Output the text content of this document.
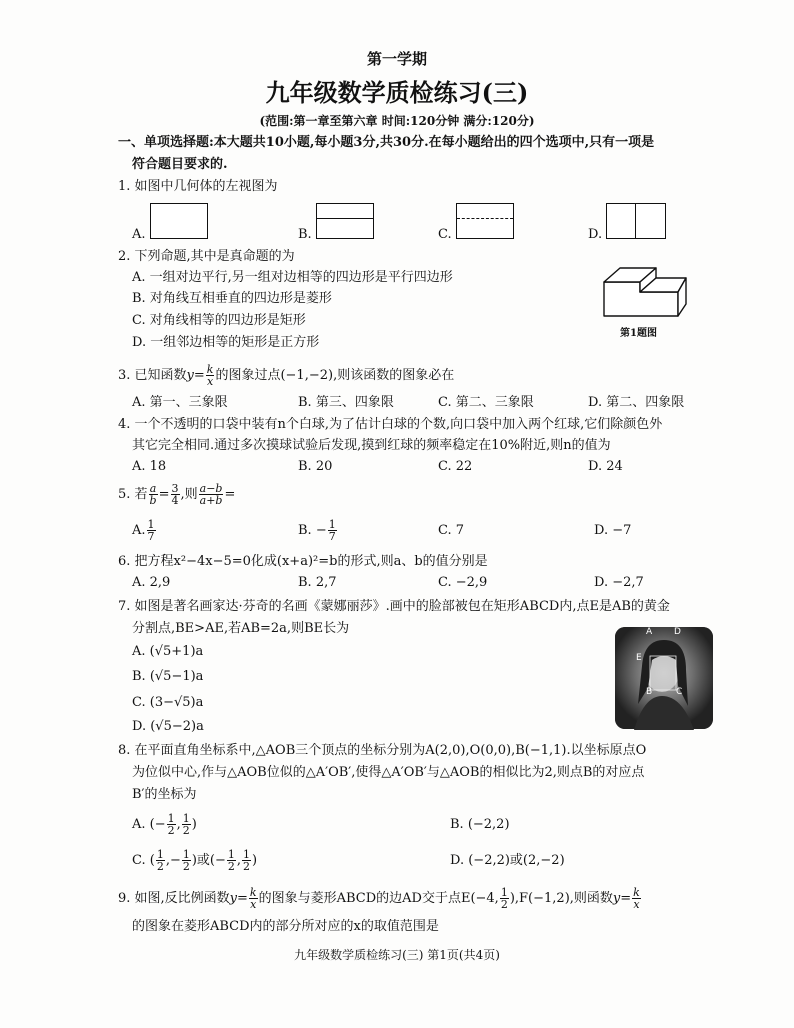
第一学期
九年级数学质检练习(三)
(范围:第一章至第六章 时间:120分钟 满分:120分)
一、单项选择题:本大题共10小题,每小题3分,共30分.在每小题给出的四个选项中,只有一项是
符合题目要求的.
1. 如图中几何体的左视图为
A.	B.	C.	D.
第1题图
2. 下列命题,其中是真命题的为
A. 一组对边平行,另一组对边相等的四边形是平行四边形
B. 对角线互相垂直的四边形是菱形
C. 对角线相等的四边形是矩形
D. 一组邻边相等的矩形是正方形
3. 已知函数$y= \frac{k}{x}$ 的图象过点(−1,−2),则该函数的图象必在
A. 第一、三象限	B. 第三、四象限	C. 第二、三象限	D. 第二、四象限
4. 一个不透明的口袋中装有n个白球,为了估计白球的个数,向口袋中加入两个红球,它们除颜色外
其它完全相同.通过多次摸球试验后发现,摸到红球的频率稳定在10%附近,则n的值为
A. 18	B. 20	C. 22	D. 24
5. 若 $\frac{a}{b} = \frac{3}{4}$ ,则 $\frac{a-b}{a+b}$ =
A. $\frac{1}{7}$	B. − $\frac{1}{7}$	C. 7	D. −7
6. 把方程x²−4x−5=0化成(x+a)²=b的形式,则a、b的值分别是
A. 2,9	B. 2,7	C. −2,9	D. −2,7
7. 如图是著名画家达·芬奇的名画《蒙娜丽莎》.画中的脸部被包在矩形ABCD内,点E是AB的黄金
分割点,BE>AE,若AB=2a,则BE长为
A. (√5+1)a
B. (√5−1)a
C. (3−√5)a
D. (√5−2)a
A D
E
B	C
8. 在平面直角坐标系中,△AOB三个顶点的坐标分别为A(2,0),O(0,0),B(−1,1).以坐标原点O
为位似中心,作与△AOB位似的△A′OB′,使得△A′OB′与△AOB的相似比为2,则点B的对应点
B′的坐标为
A. (− $\frac{1}{2}$ , $\frac{1}{2}$ )	B. (−2,2)
C. ( $\frac{1}{2}$ ,− $\frac{1}{2}$ )或(− $\frac{1}{2}$ , $\frac{1}{2}$ )	D. (−2,2)或(2,−2)
9. 如图,反比例函数$y= \frac{k}{x}$ 的图象与菱形ABCD的边AD交于点E(−4, $\frac{1}{2} ),F(-1,2)$,则函数$y= \frac{k}{x}$
的图象在菱形ABCD内的部分所对应的x的取值范围是
九年级数学质检练习(三) 第1页(共4页)
